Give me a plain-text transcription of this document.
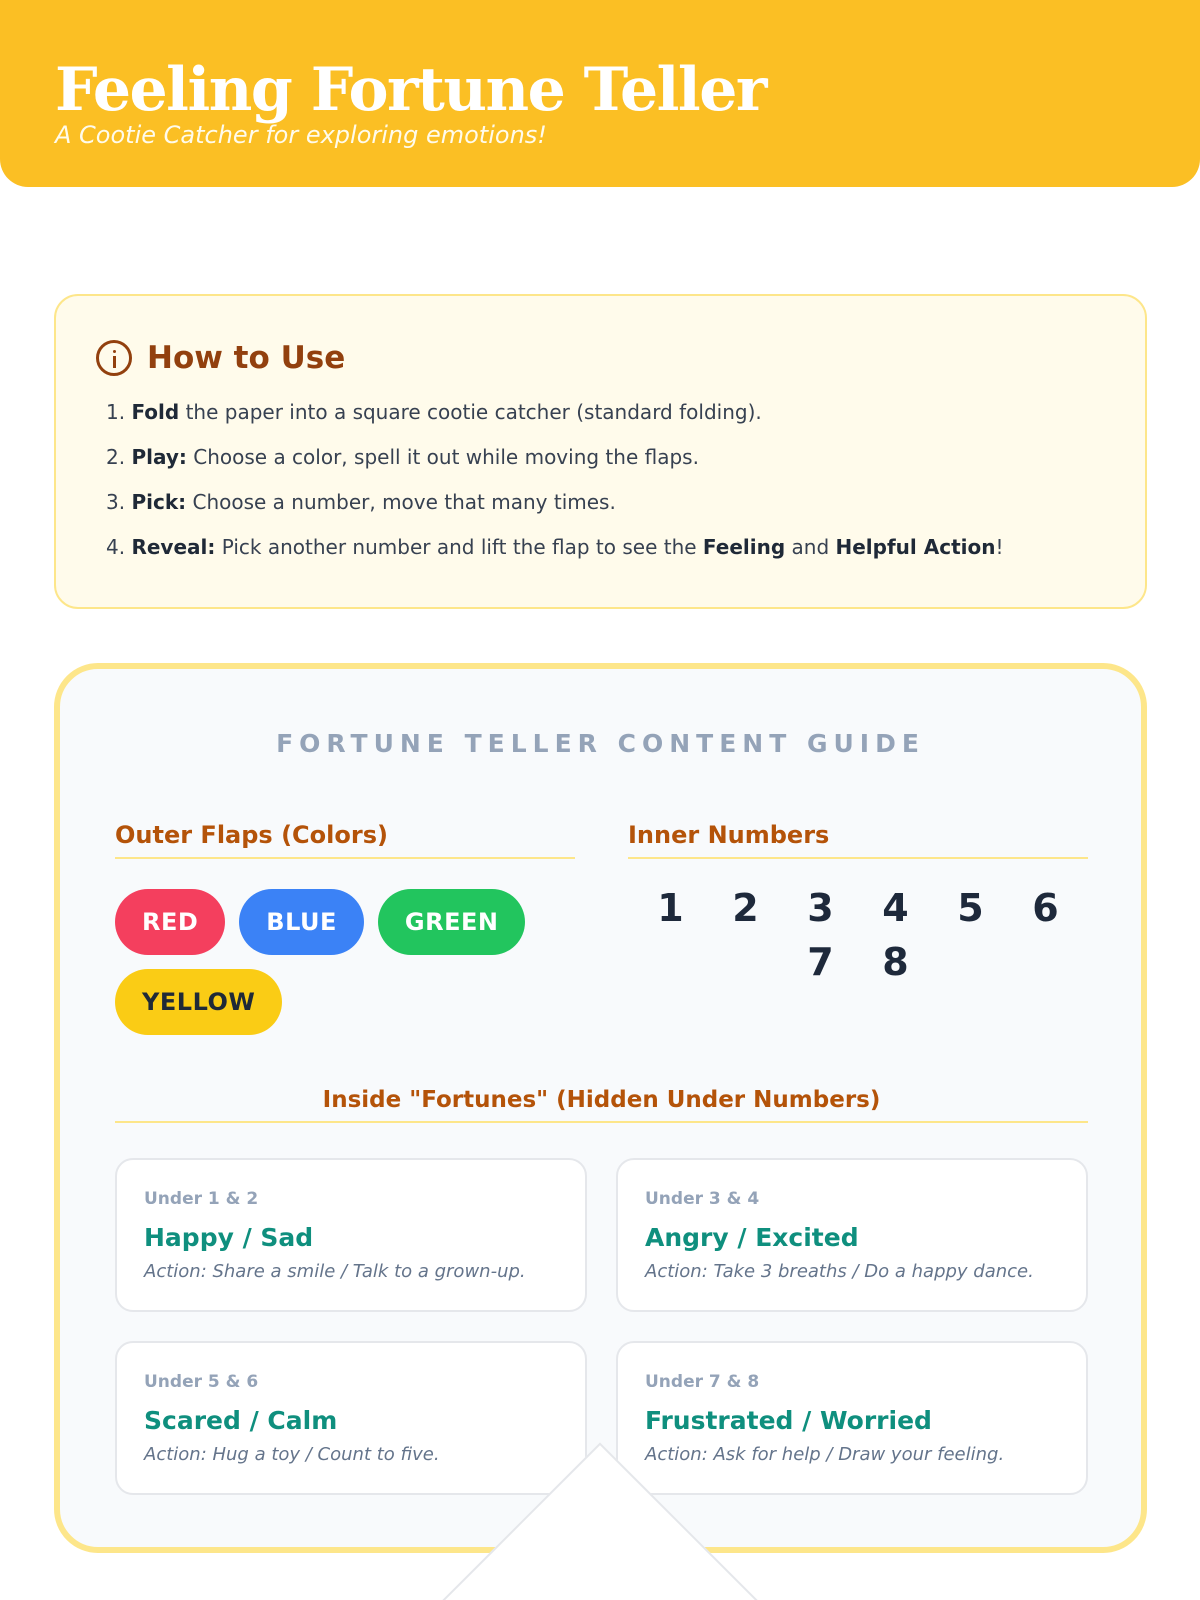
Feeling Fortune Teller
A Cootie Catcher for exploring emotions!
How to Use
1. Fold the paper into a square cootie catcher (standard folding).
2. Play: Choose a color, spell it out while moving the flaps.
3. Pick: Choose a number, move that many times.
4. Reveal: Pick another number and lift the flap to see the Feeling and Helpful Action!
FORTUNE TELLER CONTENT GUIDE
Outer Flaps (Colors)	Inner Numbers
RED	BLUE	GREEN
YELLOW
1	2	3	4	5	6
7	8
Inside "Fortunes" (Hidden Under Numbers)
Under 1 & 2
Happy / Sad
Action: Share a smile / Talk to a grown-up.
Under 3 & 4
Angry / Excited
Action: Take 3 breaths / Do a happy dance.
Under 5 & 6
Scared / Calm
Action: Hug a toy / Count to five.
Under 7 & 8
Frustrated / Worried
Action: Ask for help / Draw your feeling.
